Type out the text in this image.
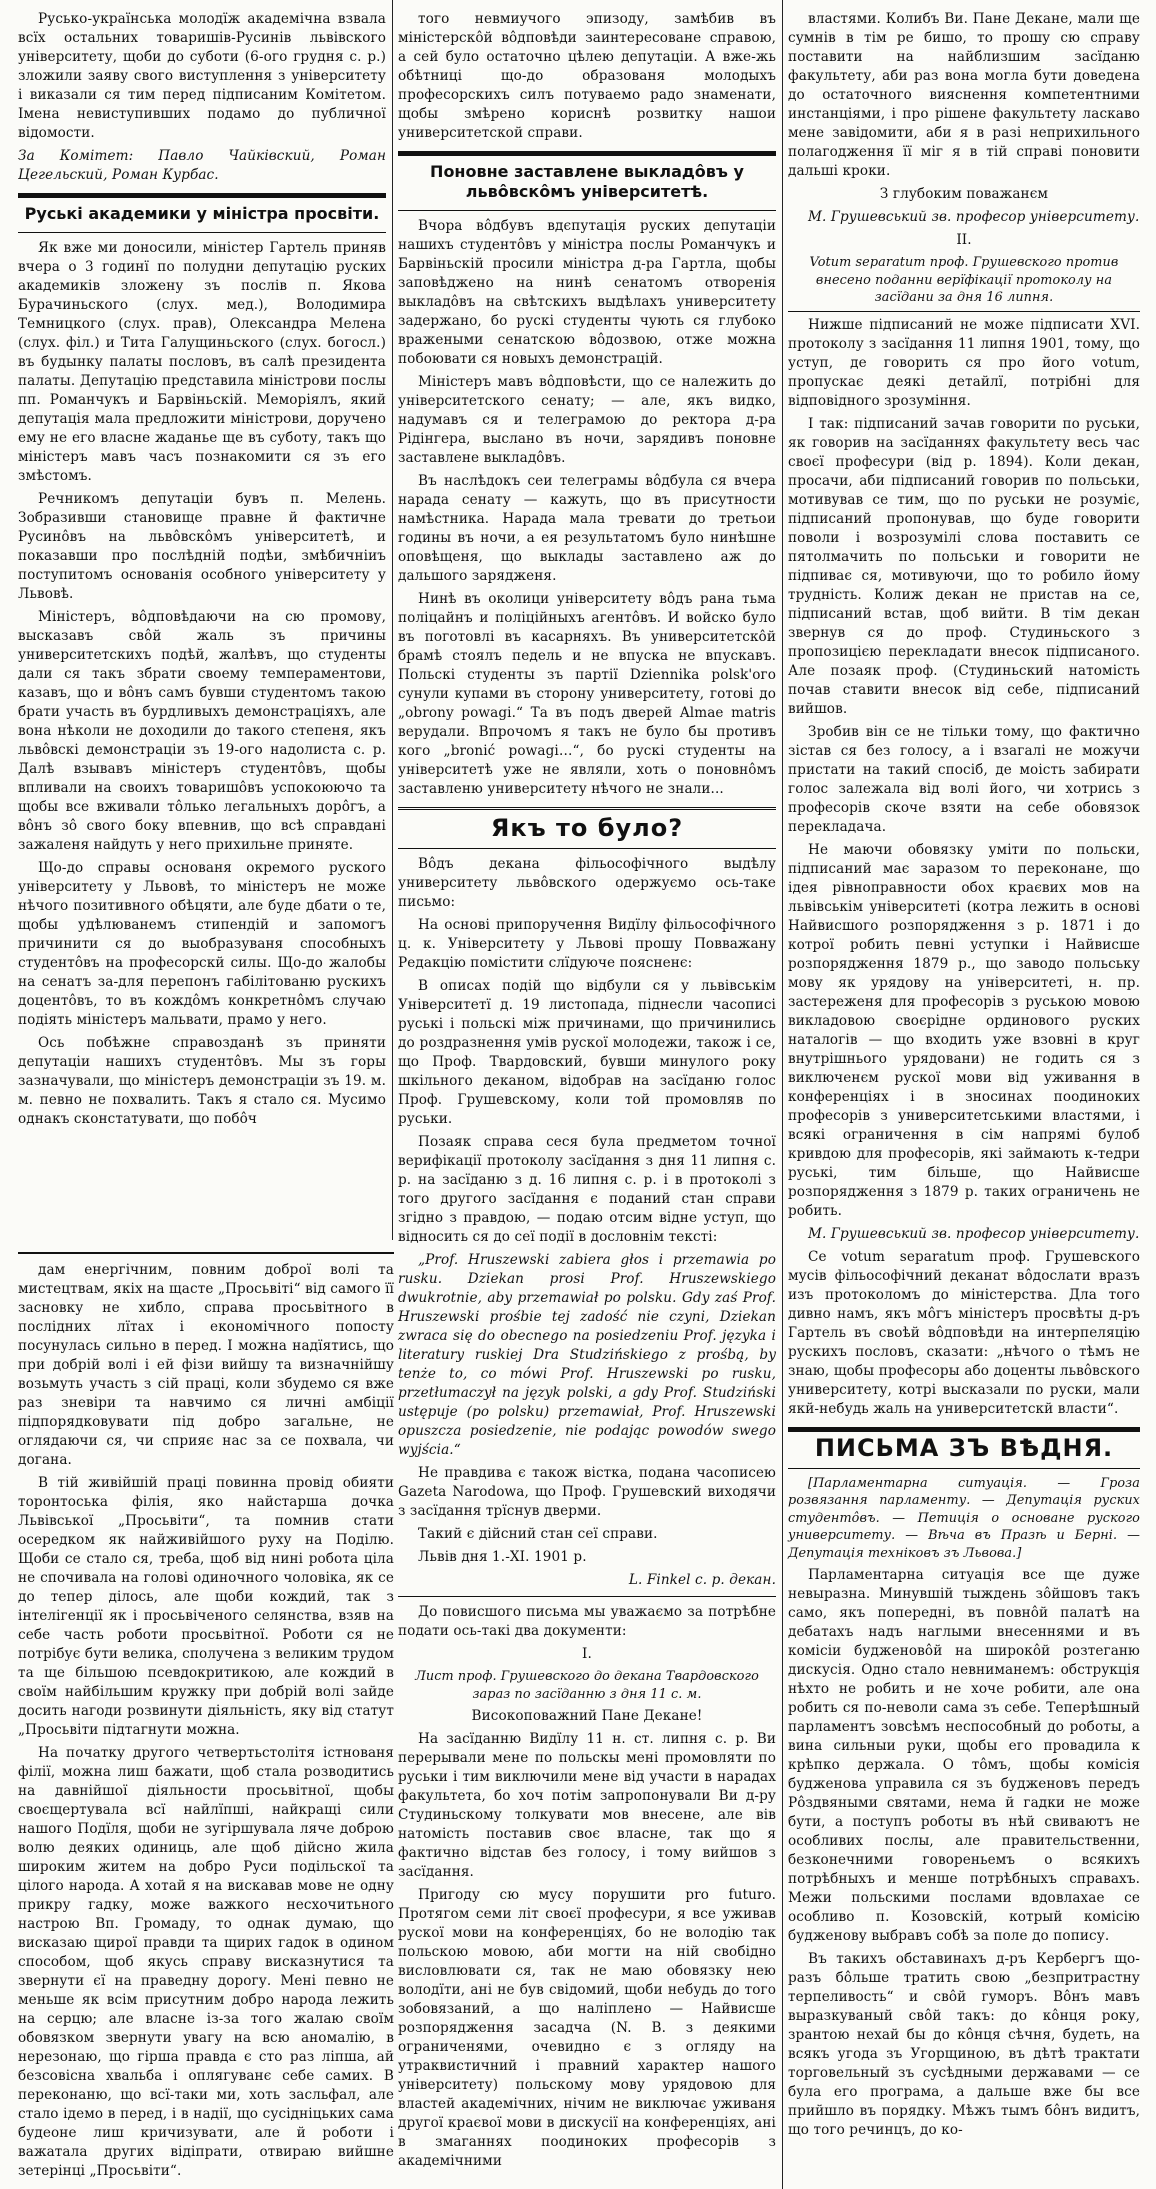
Русько-українська молодїж академічна взвала всїх остальних товаришів-Русинів львівского університету, щоби до суботи (6-ого грудня с. р.) зложили заяву свого виступлення з університету і виказали ся тим перед підписаним Комітетом. Імена невиступивших подамо до публичної відомости.

За Комітет: Павло Чайківский, Роман Цегельский, Роман Курбас.

Руські академики у міністра просвіти.

Як вже ми доносили, міністер Гартель приняв вчера о 3 годинї по полудни депутацію руских академиків зложену зъ послів п. Якова Бурачиньского (слух. мед.), Володимира Темницкого (слух. прав), Олександра Мелена (слух. філ.) и Тита Галущиньского (слух. богосл.) въ будынку палаты пословъ, въ салѣ президента палаты. Депутацію представила міністрови послы пп. Романчукъ и Барвіньскій. Меморіялъ, який депутація мала предложити міністрови, дорученo ему не его власне жаданье ще въ суботу, такъ що міністеръ мавъ часъ познакомити ся зъ его змѣстомъ.

Речникомъ депутаціи бувъ п. Мелень. Зобразивши становище правне й фактичне Русинôвъ на львôвскôмъ унiверситетѣ, и показавши про послѣднiй подѣи, змѣбичнiиъ поступитомъ основанія особного унiверситету у Львовѣ.

Міністеръ, вôдповѣдаючи на сю промову, высказавъ свôй жаль зъ причины университетскихъ подѣй, жалѣвъ, що студенты дали ся такъ збрати своему темпераментови, казавъ, що и вôнъ самъ бувши студентомъ такою брати участь въ бурдливыхъ демонстраціяхъ, але вона нѣколи не доходили до такого степеня, якъ львôвскі демонстраціи зъ 19-ого надолиста с. р. Далѣ взывавъ міністеръ студентôвъ, щобы впливали на своихъ товаришôвъ успокоюючо та щобы все вживали тôлько легальныхъ дорôгъ, а вôнъ зô свого боку впевнив, що всѣ справдані зажаленя найдуть у него прихильне приняте.

Що-до справы основаня окремого руского унiверситету у Львовѣ, то міністеръ не може нѣчого позитивного обѣцяти, але буде дбати о те, щобы удѣлюванемъ стипендій и запомогъ причинити ся до выобразуваня способныхъ студентôвъ на професорскй силы. Що-до жалобы на сенатъ за-для перепонъ габілітованю рускихъ доцентôвъ, то въ кождôмъ конкретнôмъ случаю подіять міністеръ мальвати, прамо у него.

Ось побѣжне справозданѣ зъ приняти депутаціи нашихъ студентôвъ. Мы зъ горы зазначували, що міністеръ демонстраціи зъ 19. м. м. певно не похвалить. Такъ я стало ся. Мусимо однакъ сконстатувати, що побôч

того невмиучого эпизоду, замѣбив въ міністерскôй вôдповѣди заинтересоване справою, а сей було остаточно цѣлею депутаціи. А вже-жь обѣтниці що-до образованя молодыхъ професорскихъ силъ потуваемо радо знаменати, щобы змѣрено кориснѣ розвитку нашои университетской справи.

Поновне заставлене выкладôвъ у львôвскôмъ унiверситетѣ.

Вчора вôдбувъ вдєпутація руских депутаціи нашихъ студентôвъ у міністра послы Романчукъ и Барвіньскій просили міністра д-ра Гартла, щобы заповѣджено на нинѣ сенатомъ отворенія выкладôвъ на свѣтскихъ выдѣлахъ университету задержано, бо рускі студенты чують ся глубоко вражеными сенатскою вôдозвою, отже можна побоювати ся новыхъ демонстрацій.

Міністеръ мавъ вôдповѣсти, що се належить до університетского сенату; — але, якъ видко, надумавъ ся и телеграмою до ректора д-ра Рідінгера, выслано въ ночи, зарядивъ поновне заставлене выкладôвъ.

Въ наслѣдокъ сеи телеграмы вôдбула ся вчера нарада сенату — кажуть, що въ присутности намѣстника. Нарада мала тревати до третьои годины въ ночи, а ея результатомъ було нинѣшне оповѣщеня, що выклады заставлено аж до дальшого зарядженя.

Нинѣ въ околици університету вôдъ рана тьма поліцайнъ и поліційныхъ агентôвъ. И войско було въ поготовлі въ касарняхъ. Въ университетскôй брамѣ стоялъ педель и не впуска не впускавъ. Польскі студенты зъ партії Dziennika polsk'ого сунули купами въ сторону университету, готові до „obrony powagi.“ Та въ подъ дверей Almae matris верудали. Впрочомъ я такъ не було бы противъ кого „bronić powagi…“, бо рускі студенты на університетѣ уже не являли, хоть о поновнôмъ заставленю университету нѣчого не знали...

Якъ то було?

Вôдъ декана фільософічного выдѣлу университету львôвского одержуємо ось-таке письмо:

На основі припоручення Видїлу фільософічного ц. к. Університету у Львові прошу Повважану Редакцію помістити слїдуюче поясненє:

В описах подій що відбули ся у львівськім Університетї д. 19 листопада, піднесли часописі руські і польскі між причинами, що причинились до роздразнення умів рускої молодежи, також і се, що Проф. Твардовский, бувши минулого року шкільного деканом, відобрав на засїданю голос Проф. Грушевскому, коли той промовляв по руськи.

Позаяк справа сеся була предметом точної верифікації протоколу засїдання з дня 11 липня с. р. на засїданю з д. 16 липня с. р. і в протоколі з того другого засїдання є поданий стан справи згідно з правдою, — подаю отсим відне уступ, що відносить ся до сеї події в дословнім тексті:

„Prof. Hruszewski zabiera głos i przemawia po rusku. Dziekan prosi Prof. Hruszewskiego dwukrotnie, aby przemawiał po polsku. Gdy zaś Prof. Hruszewski prośbie tej zadość nie czyni, Dziekan zwraca się do obecnego na posiedzeniu Prof. języka i literatury ruskiej Dra Studzińskiego z prośbą, by tenże to, co mówi Prof. Hruszewski po rusku, przetłumaczył na język polski, a gdy Prof. Studziński ustępuje (po polsku) przemawiał, Prof. Hruszewski opuszcza posiedzenie, nie podając powodów swego wyjścia.“

Не правдива є також вістка, подана часописею Gazeta Narodowa, що Проф. Грушевский виходячи з засїдання трїснув дверми.

Такий є дійсний стан сеї справи.

Львів дня 1.-XI. 1901 р.

L. Finkel с. р. декан.

До повисшого письма мы уважаємо за потрѣбне подати ось-такі два документи:

I.

Лист проф. Грушевского до декана Твардовского зараз по засїданню з дня 11 с. м.

Високоповажний Пане Декане!

На засїданню Видїлу 11 н. ст. липня с. р. Ви перерывали мене по польскы мені промовляти по руськи і тим виключили мене від участи в нарадах факультета, бо хоч потім запропонували Ви д-ру Студиньскому толкувати мов внесене, але вів натомість поставив своє власне, так що я фактично відстав без голосу, і тому вийшов з засїдання.

Пригоду сю мусу порушити pro futuro. Протягом семи літ своєї професури, я все уживав рускої мови на конференціях, бо не володію так польскою мовою, аби могти на ній свобідно висловлювати ся, так не маю обовязку нею володїти, ані не був свідомий, щоби небудь до того зобовязаний, а що наліплено — Найвисше розпорядження засадча (N. В. з деякими ограниченями, очевидно є з огляду на утраквистичний і правний характер нашого університету) польскому мову урядовою для властей академічних, нічим не виключає уживаня другої краєвої мови в дискусії на конференціях, ані в змаганнях поодиноких професорів з академічними

властями. Колибъ Ви. Пане Декане, мали ще сумнів в тім ре бишо, то прошу сю справу поставити на найблизшим засїданю факультету, аби раз вона могла бути доведена до остаточного вияснення компетентними инстанціями, і про рішене факультету ласкаво мене завідомити, аби я в разі неприхильного полагодження її міг я в тій справі поновити дальші кроки.

З глубоким поважанєм

М. Грушевський зв. професор університету.

II.

Votum separatum проф. Грушевского против внесено поданни верїфікації протоколу на засїдани за дня 16 липня.

Нижше підписаний не може підписати XVI. протоколу з засїдання 11 липня 1901, тому, що уступ, де говорить ся про його votum, пропускає деякі детайлї, потрібні для відповідного зрозуміння.

І так: підписаний зачав говорити по руськи, як говорив на засїданнях факультету весь час своєї професури (від р. 1894). Коли декан, просачи, аби підписаний говорив по польськи, мотивував се тим, що по руськи не розуміє, підписаний пропонував, що буде говорити поволи і возрозумілі слова поставить се пятолмачить по польськи и говорити не підпиває ся, мотивуючи, що то робило йому трудність. Колиж декан не пристав на се, підписаний встав, щоб вийти. В тім декан звернув ся до проф. Студиньского з пропозицією перекладати внесок підписаного. Але позаяк проф. (Студиньский натомість почав ставити внесок від себе, підписаний вийшов.

Зробив він се не тільки тому, що фактично зістав ся без голосу, а і взагалі не можучи пристати на такий спосіб, де моість забирати голос залежала від волі його, чи хотрись з професорів скоче взяти на себе обовязок перекладача.

Не маючи обовязку уміти по польски, підписаний має заразом то переконане, що ідея рівноправности обох краєвих мов на львівськім університеті (котра лежить в основі Найвисшого розпорядження з р. 1871 і до котрої робить певні уступки і Найвисше розпорядження 1879 р., що заводо польську мову як урядову на університеті, н. пр. застереженя для професорів з руською мовою викладовою своєрідне ординового руских наталогів — що входить уже взовні в круг внутрішнього урядовани) не годить ся з виключенєм рускої мови від уживання в конференціях і в зносинах поодиноких професорів з университетськими властями, і всякі ограничення в сім напрямі булоб кривдою для професорів, які займають к-тедри руські, тим більше, що Найвисше розпорядження з 1879 р. таких ограничень не робить.

М. Грушевський зв. професор університету.

Се votum separatum проф. Грушевского мусів фільософічний деканат вôдослати вразъ изъ протоколомъ до міністерства. Дла того дивно намъ, якъ мôгъ міністеръ просвѣты д-ръ Гартель въ своѣй вôдповѣди на интерпеляцію рускихъ пословъ, сказати: „нѣчого о тѣмъ не знаю, щобы професоры або доценты львôвского университету, котрі высказали по руски, мали якй-небудь жаль на университетскй власти“.

ПИСЬМА ЗЪ ВѢДНЯ.

[Парламентарна ситуація. — Гроза розвязання парламенту. — Депутація руских студентôвъ. — Петиція о основане руского университету. — Вѣча въ Празѣ и Берні. — Депутація техніковъ зъ Львова.]

Парламентарна ситуація все ще дуже невыразна. Минувшій тыждень зôйшовъ такъ само, якъ попередні, въ повнôй палатѣ на дебатахъ надъ наглыми внесеннями и въ комісіи будженовôй на широкôй розтеганю дискусія. Одно стало невниманемъ: обструкція нѣхто не робить и не хоче робити, але она робить ся по-неволи сама зъ себе. Теперѣшный парламентъ зовсѣмъ неспособный до роботы, а вина сильныи руки, щобы его провадила к крѣпко держала. О тôмъ, щобы комісія будженова управила ся зъ будженовъ передъ Рôздвяными святами, нема й гадки не може бути, а поступъ роботы въ нѣй свиваютъ не особливих послы, але правительственни, безконечними говореньемъ о всякихъ потрѣбныхъ и менше потрѣбныхъ справахъ. Межи польскими послами вдовлахае се особливо п. Козовскій, котрый комісію будженову выбравъ собѣ за поле до попису.

Въ такихъ обставинахъ д-ръ Кербергъ що-разъ бôльше тратить свою „безпритрастну терпеливость“ и свôй гуморъ. Вôнъ мавъ выразкуваный свôй такъ: до кôнця року, зрантою нехай бы до кôнця сѣчня, будеть, на всякъ угода зъ Угорщиною, въ дѣтѣ трактати торговельный зъ сусѣдными державами — се була его програма, а дальше вже бы все прийшло въ порядку. Мѣжъ тымъ бôнъ видитъ, що того речинцъ, до ко-

дам енергічним, повним доброї волі та мистецтвам, якіх на щасте „Просьвіті“ від самого її засновку не хибло, справа просьвітного в послідних лїтах і економічного попосту посунулась сильно в перед. І можна надїятись, що при добрій волі і ей фізи вийшу та визначнійшу возьмуть участь з сій праці, коли збудемо ся вже раз зневіри та навчимо ся личні амбіції підпорядковувати під добро загальне, не оглядаючи ся, чи сприяє нас за се похвала, чи догана.

В тій живійшій праці повинна провід обияти торонтоська філія, яко найстарша дочка Львівської „Просьвіти“, та помнив стати осередком як найживійшого руху на Поділю. Щоби се стало ся, треба, щоб від нині робота ціла не спочивала на голові одиночного чоловіка, як се до тепер ділось, але щоби кождий, так з інтелігенції як і просьвіченого селянства, взяв на себе часть роботи просьвітної. Роботи ся не потрібує бути велика, сполучена з великим трудом та ще більшою псевдокритикою, але кождий в своїм найбільшим кружку при добрій волі зайде досить нагоди розвинути діяльність, яку від статут „Просьвіти підтагнути можна.

На початку другого четвертьстолітя істнованя філії, можна лиш бажати, щоб стала розводитись на давнійшої діяльности просьвітної, щобы своєщертувала всї найлїпші, найкращі сили нашого Подїля, щоби не зугіршувала ляче доброю волю деяких одиниць, але щоб дійсно жила широким житем на добро Руси подільскої та цілого народа. А хотай я на вискавав мове не одну прикру гадку, може важкого несхочитьного настрою Вп. Громаду, то однак думаю, що висказаю щирої правди та щирих гадок в одином способом, щоб якусь справу висказнутися та звернути єї на праведну дорогу. Мені певно не меньше як всім присутним добро народа лежить на серцю; але власне із-за того жалаю своїм обовязком звернути увагу на всю аномалію, в нерезонаю, що гірша правда є сто раз ліпша, ай безсовісна хвальба і оплягуванє себе самих. В переконаню, що всї-таки ми, хоть засльфал, але стало ідемо в перед, і в надії, що сусідніцьких сама будеоне лиш кричизувати, але й роботи і важатала других відіпрати, отвираю вийшне зетерінці „Просьвіти“.
